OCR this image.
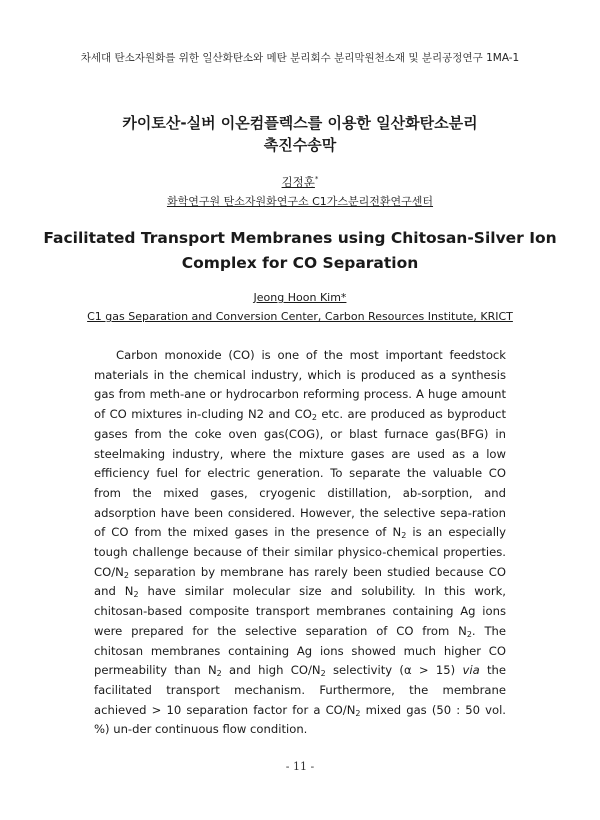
차세대 탄소자원화를 위한 일산화탄소와 메탄 분리회수 분리막원천소재 및 분리공정연구 1MA-1
카이토산-실버 이온컴플렉스를 이용한 일산화탄소분리
촉진수송막
김정훈*
화학연구원 탄소자원화연구소 C1가스분리전환연구센터
Facilitated Transport Membranes using Chitosan-Silver Ion
Complex for CO Separation
Jeong Hoon Kim*
C1 gas Separation and Conversion Center, Carbon Resources Institute, KRICT

Carbon monoxide (CO) is one of the most important feedstock materials in the chemical industry, which is produced as a synthesis gas from meth-ane or hydrocarbon reforming process. A huge amount of CO mixtures in-cluding N2 and $CO_2$ etc. are produced as byproduct gases from the coke oven gas(COG), or blast furnace gas(BFG) in steelmaking industry, where the mixture gases are used as a low efficiency fuel for electric generation. To separate the valuable CO from the mixed gases, cryogenic distillation, ab-sorption, and adsorption have been considered. However, the selective sepa-ration of CO from the mixed gases in the presence of $N_2$ is an especially tough challenge because of their similar physico-chemical properties. $CO/N_2$ separation by membrane has rarely been studied because CO and $N_2$ have similar molecular size and solubility. In this work, chitosan-based composite transport membranes containing Ag ions were prepared for the selective separation of CO from $N_2$. The chitosan membranes containing Ag ions showed much higher CO permeability than $N_2$ and high $CO/N_2$ selectivity (α > 15) via the facilitated transport mechanism. Furthermore, the membrane achieved > 10 separation factor for a $CO/N_2$ mixed gas (50 : 50 vol. %) un-der continuous flow condition.

- 11 -
